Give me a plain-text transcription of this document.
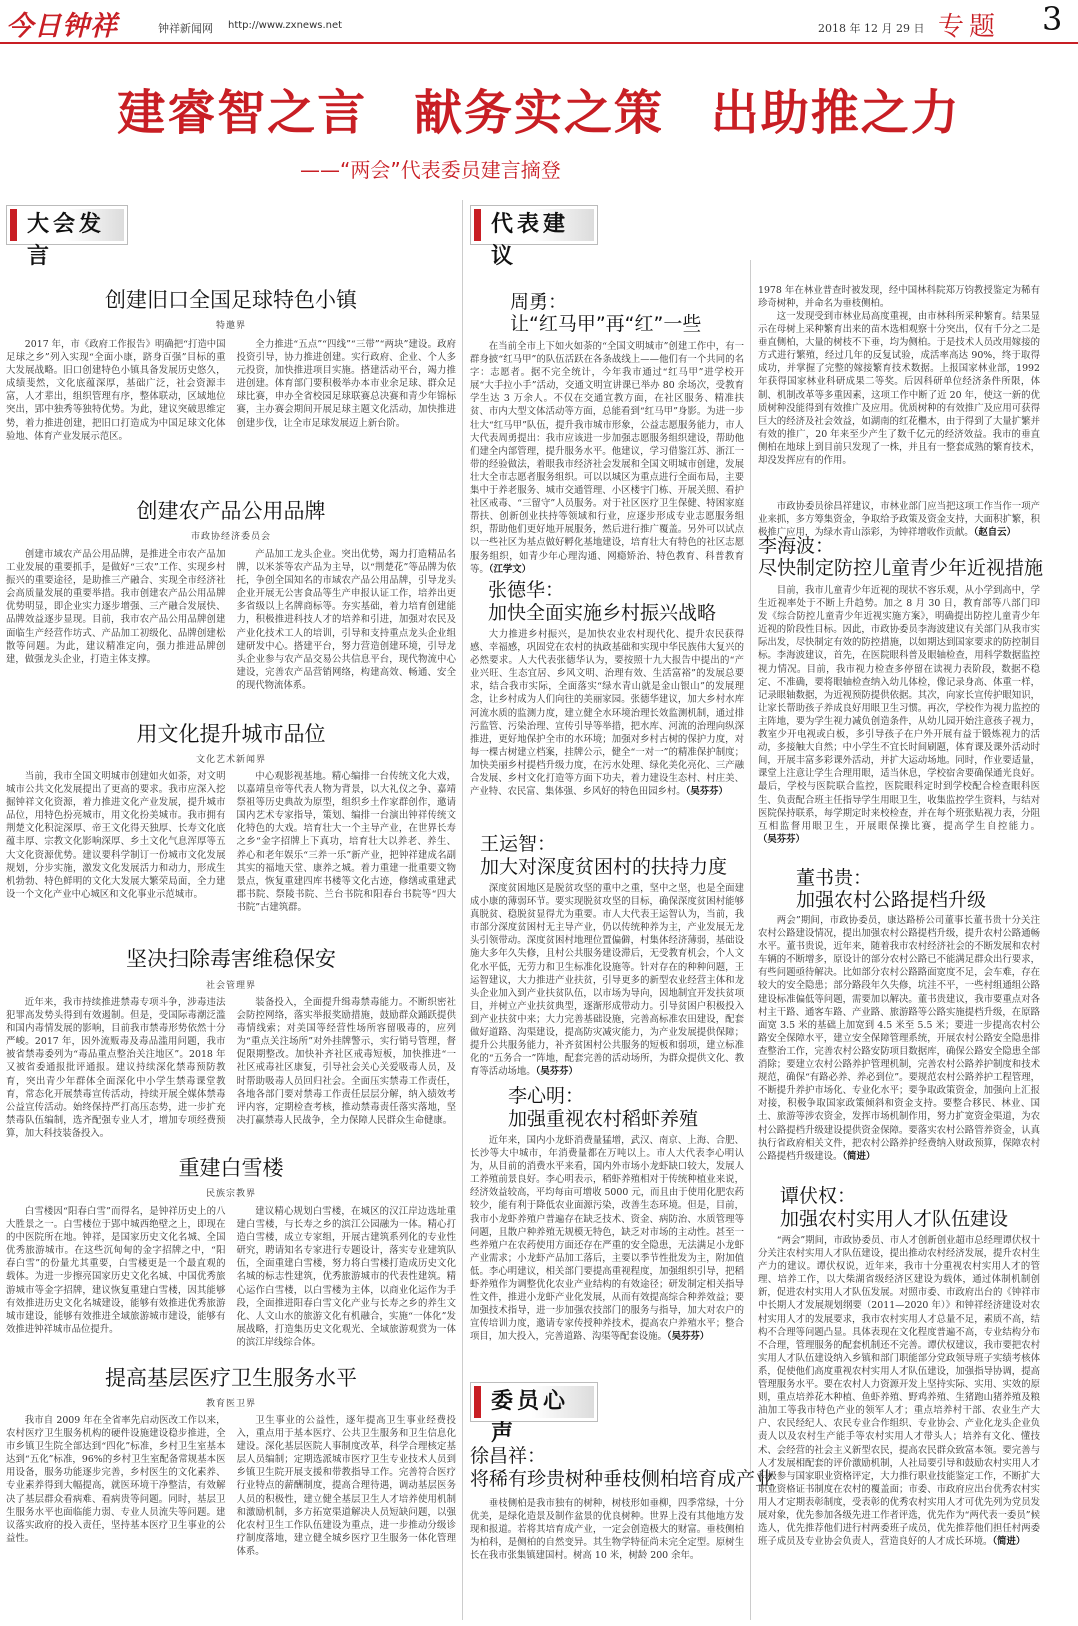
今日钟祥	钟祥新闻网 http://www.zxnews.net	2018 年 12 月 29 日 专题 3
建睿智之言 献务实之策 出助推之力
——“两会”代表委员建言摘登
大会发言
代表建议
委员心声
创建旧口全国足球特色小镇
特邀界
2017 年，市《政府工作报告》明确把“打造中国足球之乡”列入实现“全面小康，跻身百强”目标的重大发展战略。旧口创建特色小镇具备发展历史悠久，成绩斐然，文化底蕴深厚，基础广泛，社会资源丰富，人才辈出，组织管理有序，整体联动，区域地位突出，郢中独秀等独特优势。为此，建议突破思维定势，着力推进创建，把旧口打造成为中国足球文化体验地、体育产业发展示范区。
全力推进“五点”“四线”“三带”“两块”建设。政府投资引导，协力推进创建。实行政府、企业、个人多元投资，加快推进项目实施。搭建活动平台，竭力推进创建。体育部门要积极举办本市业余足球、群众足球比赛，申办全省校园足球联赛总决赛和青少年锦标赛，主办赛会期间开展足球主题文化活动，加快推进创建步伐，让全市足球发展迈上新台阶。
创建农产品公用品牌
市政协经济委员会
创建市域农产品公用品牌，是推进全市农产品加工业发展的重要抓手，是做好“三农”工作、实现乡村振兴的重要途径，是助推三产融合、实现全市经济社会高质量发展的重要举措。我市创建农产品公用品牌优势明显，即企业实力逐步增强、三产融合发展快、品牌效益逐步显现。目前，我市农产品公用品牌创建面临生产经营作坊式、产品加工初级化、品牌创建松散等问题。为此，建议精准定向，强力推进品牌创建，做强龙头企业，打造主体支撑。
产品加工龙头企业。突出优势，竭力打造精品名牌，以米茶等农产品为主导，以“荆楚花”等品牌为依托，争创全国知名的市域农产品公用品牌，引导龙头企业开展无公害食品等生产申报认证工作，培养出更多省级以上名牌商标等。夯实基础，着力培育创建能力，积极推进科技人才的培养和引进，加强对农民及产业化技术工人的培训，引导和支持重点龙头企业组建研发中心。搭建平台，努力营造创建环境，引导龙头企业参与农产品交易公共信息平台，现代物流中心建设，完善农产品营销网络，构建高效、畅通、安全的现代物流体系。
用文化提升城市品位
文化艺术新闻界
当前，我市全国文明城市创建如火如荼，对文明城市公共文化发展提出了更高的要求。我市应深入挖掘钟祥文化资源，着力推进文化产业发展，提升城市品位，用特色扮亮城市，用文化扮美城市。我市拥有荆楚文化积淀深厚、帝王文化得天独厚、长寿文化底蕴丰厚、宗教文化影响深厚、乡土文化气息浑厚等五大文化资源优势。建议要科学制订一份城市文化发展规划，分步实施，激发文化发展活力和动力，形成生机勃勃、特色鲜明的文化大发展大繁荣局面，全力建设一个文化产业中心城区和文化事业示范城市。
中心观影视基地。精心编排一台传统文化大戏，以嘉靖皇帝等代表人物为背景，以大礼仪之争、嘉靖祭祖等历史典故为原型，组织乡土作家群创作，邀请国内艺术专家指导，策划、编排一台演出钟祥传统文化特色的大戏。培育壮大一个主导产业，在世界长寿之乡“金字招牌上下真功，培育壮大以养老、养生、养心和老年娱乐“三养一乐”新产业，把钟祥建成名副其实的福地天堂、康养之城。着力重建一批重要文物景点，恢复重建四库书楼等文化古迹，修缮或重建武郡书院、祭陵书院、兰台书院和阳春台书院等“四大书院”古建筑群。
坚决扫除毒害维稳保安
社会管理界
近年来，我市持续推进禁毒专项斗争，涉毒违法犯罪高发势头得到有效遏制。但是，受国际毒潮泛滥和国内毒情发展的影响，目前我市禁毒形势依然十分严峻。2017 年，因外流贩毒及毒品滥用问题，我市被省禁毒委列为“毒品重点整治关注地区”。2018 年又被省委通报批评通报。建议持续深化禁毒预防教育，突出青少年群体全面深化中小学生禁毒课堂教育，常态化开展禁毒宣传活动，持续开展全媒体禁毒公益宣传活动。始终保持严打高压态势，进一步扩充禁毒队伍编制，选齐配强专业人才，增加专项经费预算，加大科技装备投入。
装备投入，全面提升缉毒禁毒能力。不断织密社会防控网络，落实举报奖励措施，鼓励群众踊跃提供毒情线索；对美国等经营性场所容留吸毒的，应列为“重点关注场所”对外挂牌警示，实行销号管理，督促限期整改。加快补齐社区戒毒短板，加快推进“一社区戒毒社区康复，引导社会关心关爱吸毒人员，及时帮助吸毒人员回归社会。全面压实禁毒工作责任，各地各部门要对禁毒工作责任层层分解，纳入绩效考评内容，定期检查考核，推动禁毒责任落实落地，坚决打赢禁毒人民战争，全力保障人民群众生命健康。
重建白雪楼
民族宗教界
白雪楼因“阳春白雪”而得名，是钟祥历史上的八大胜景之一。白雪楼位于郢中城西绝壁之上，即现在的中医院所在地。钟祥，是国家历史文化名城、全国优秀旅游城市。在这些沉甸甸的金字招牌之中，“阳春白雪”的份量尤其重要，白雪楼更是一个最直观的载体。为进一步擦亮国家历史文化名城、中国优秀旅游城市等金字招牌，建议恢复重建白雪楼，因其能够有效推进历史文化名城建设，能够有效推进优秀旅游城市建设，能够有效推进全域旅游城市建设，能够有效推进钟祥城市品位提升。
建议精心规划白雪楼，在城区的汉江岸边选址重建白雪楼，与长寿之乡的滨江公园融为一体。精心打造白雪楼，成立专家组，开展古建筑系列化的专业性研究，聘请知名专家进行专题设计，落实专业建筑队伍，全面重建白雪楼，努力将白雪楼打造成历史文化名城的标志性建筑，优秀旅游城市的代表性建筑。精心运作白雪楼，以白雪楼为主体，以商业化运作为手段，全面推进阳春白雪文化产业与长寿之乡的养生文化、人文山水的旅游文化有机融合，实施“一体化”发展战略，打造集历史文化观光、全域旅游观赏为一体的滨江岸线综合体。
提高基层医疗卫生服务水平
教育医卫界
我市自 2009 年在全省率先启动医改工作以来，农村医疗卫生服务机构的硬件设施建设稳步推进，全市乡镇卫生院全部达到“四化”标准，乡村卫生室基本达到“五化”标准，96%的乡村卫生室配备常规基本医用设备，服务功能逐步完善，乡村医生的文化素养、专业素养得到大幅提高，就医环境干净整洁，有效解决了基层群众看病难、看病贵等问题。同时，基层卫生服务水平也面临能力弱、专业人员流失等问题。建议落实政府的投入责任，坚持基本医疗卫生事业的公益性。
卫生事业的公益性，逐年提高卫生事业经费投入，重点用于基本医疗、公共卫生服务和卫生信息化建设。深化基层医院人事制度改革，科学合理核定基层人员编制；定期选派城市医疗卫生专业技术人员到乡镇卫生院开展支援和带教指导工作。完善符合医疗行业特点的薪酬制度，提高合理待遇，调动基层医务人员的积极性，建立健全基层卫生人才培养使用机制和激励机制，多方拓宽渠道解决人员短缺问题，以强化农村卫生工作队伍建设为重点，进一步推动分级诊疗制度落地，建立健全城乡医疗卫生服务一体化管理体系。
周勇：
让“红马甲”再“红”一些
在当前全市上下如火如荼的“全国文明城市”创建工作中，有一群身披“红马甲”的队伍活跃在各条战线上——他们有一个共同的名字：志愿者。据不完全统计，今年我市通过“红马甲”进学校开展“大手拉小手”活动，交通文明宣讲课已举办 80 余场次，受教育学生达 3 万余人。不仅在交通宣教方面，在社区服务、精准扶贫、市内大型文体活动等方面，总能看到“红马甲”身影。为进一步壮大“红马甲”队伍，提升我市城市形象，公益志愿服务能力，市人大代表周勇提出：我市应该进一步加强志愿服务组织建设，帮助他们建全内部管理，提升服务水平。他建议，学习借鉴江苏、浙江一带的经验做法，着眼我市经济社会发展和全国文明城市创建，发展壮大全市志愿者服务组织。可以以城区为重点进行全面布局，主要集中于养老服务、城市交通管理、小区楼宇门栋、开展关照、看护社区戒毒、“三留守”人员服务。对于社区医疗卫生保健、特困家庭帮扶、创新创业扶持等领域和行业，应逐步形成专业志愿服务组织，帮助他们更好地开展服务，然后进行推广覆盖。另外可以试点以一些社区为基点做好孵化基地建设，培育壮大有特色的社区志愿服务组织，如青少年心理沟通、网瘾矫治、特色教育、科普教育等。（江学文）
张德华：
加快全面实施乡村振兴战略
大力推进乡村振兴，是加快农业农村现代化、提升农民获得感、幸福感，巩固党在农村的执政基础和实现中华民族伟大复兴的必然要求。人大代表张德华认为，要按照十九大报告中提出的“产业兴旺、生态宜居、乡风文明、治理有效、生活富裕”的发展总要求，结合我市实际，全面落实“绿水青山就是金山银山”的发展理念，让乡村成为人们向往的美丽家园。张德华建议，加大乡村水库河流水质的监测力度，建立健全水环境治理长效监测机制，通过排污监管、污染治理、宣传引导等举措，把水库、河流的治理向纵深推进，更好地保护全市的水环境；加强对乡村古树的保护力度，对每一棵古树建立档案，挂牌公示，健全“一对一”的精准保护制度；加快美丽乡村提档升级力度，在污水处理、绿化美化亮化、三产融合发展、乡村文化打造等方面下功夫，着力建设生态村、村庄美、产业特、农民富、集体强、乡风好的特色田园乡村。（吴芬芬）
王运智：
加大对深度贫困村的扶持力度
深度贫困地区是脱贫攻坚的重中之重，坚中之坚，也是全面建成小康的薄弱环节。要实现脱贫攻坚的目标，确保深度贫困村能够真脱贫、稳脱贫显得尤为重要。市人大代表王运智认为，当前，我市部分深度贫困村无主导产业，仍以传统种养为主，产业发展无龙头引领带动。深度贫困村地理位置偏僻，村集体经济薄弱，基础设施大多年久失修，且村公共服务建设滞后，无受教育机会，个人文化水平低，无劳力和卫生标准化设施等。针对存在的种种问题，王运智建议，大力推进产业扶贫，引导更多的新型农业经营主体和龙头企业加入到产业扶贫队伍，以市场为导向，因地制宜开发扶贫项目，并树立产业扶贫典型，逐渐形成带动力。引导贫困户积极投入到产业扶贫中来；大力完善基础设施，完善高标准农田建设，配套做好道路、沟渠建设，提高防灾减灾能力，为产业发展提供保障；提升公共服务能力，补齐贫困村公共服务的短板和弱项，建立标准化的“五务合一”阵地，配套完善的活动场所，为群众提供文化、教育等活动场地。（吴芬芬）
李心明：
加强重视农村稻虾养殖
近年来，国内小龙虾消费量猛增，武汉、南京、上海、合肥、长沙等大中城市，年消费量都在万吨以上。市人大代表李心明认为，从目前的消费水平来看，国内外市场小龙虾缺口较大，发展人工养殖前景良好。李心明表示，稻虾养殖相对于传统种植业来说，经济效益较高，平均每亩可增收 5000 元，而且由于使用化肥农药较少，能有利于降低农业面源污染，改善生态环境。但是，目前，我市小龙虾养殖户普遍存在缺乏技术、资金、病防治、水质管理等问题，且散户种养殖无规模无特色，缺乏对市场的主动性。甚至一些养殖户在农药使用方面还存在严重的安全隐患，无法满足小龙虾产业需求；小龙虾产品加工落后，主要以季节性批发为主，附加值低。李心明建议，相关部门要提高重视程度，加强组织引导，把稻虾养殖作为调整优化农业产业结构的有效途径；研发制定相关指导性文件，推进小龙虾产业化发展，从而有效提高综合种养效益；要加强技术指导，进一步加强农技部门的服务与指导，加大对农户的宣传培训力度，邀请专家传授种养技术，提高农户养殖水平；整合项目，加大投入，完善道路、沟渠等配套设施。（吴芬芬）
徐昌祥：
将稀有珍贵树种垂枝侧柏培育成产业
垂枝侧柏是我市独有的树种，树枝形如垂柳，四季常绿，十分优美，是绿化造景及制作盆景的优良树种。世界上没有其他地方发现和报道。若将其培育成产业，一定会创造极大的财富。垂枝侧柏为柏科，是侧柏的自然变异。其生物学特征尚未完全定型。原树生长在我市张集镇建国村。树高 10 米，树龄 200 余年。
1978 年在林业普查时被发现，经中国林科院郑万钧教授鉴定为稀有珍奇树种，并命名为垂枝侧柏。
这一发现受到市林业局高度重视，由市林科所采种繁育。结果显示在母树上采种繁育出来的苗木选相观察十分突出，仅有千分之二是垂直侧柏，大量的树枝不下垂，均为侧柏。于是技术人员改用嫁接的方式进行繁殖，经过几年的反复试验，成活率高达 90%，终于取得成功，并掌握了完整的嫁接繁育技术数据。上报国家林业部，1992 年获得国家林业科研成果二等奖。后因科研单位经济条件所限，体制、机制改革等多重因素，这项工作中断了近 20 年，使这一新的优质树种没能得到有效推广及应用。优质树种的有效推广及应用可获得巨大的经济及社会效益，如湖南的红花檵木，由于得到了大量扩繁并有效的推广，20 年来至少产生了数千亿元的经济效益。我市的垂直侧柏在地球上到目前只发现了一株，并且有一整套成熟的繁育技术，却没发挥应有的作用。
市政协委员徐昌祥建议，市林业部门应当把这项工作当作一项产业来抓，多方筹集资金，争取给予政策及资金支持，大面积扩繁，积极推广应用，为绿水青山添彩，为钟祥增收作贡献。（赵自云）
李海波：
尽快制定防控儿童青少年近视措施
目前，我市儿童青少年近视的现状不容乐观，从小学到高中，学生近视率处于不断上升趋势。加之 8 月 30 日，教育部等八部门印发《综合防控儿童青少年近视实施方案》，明确提出防控儿童青少年近视的阶段性目标。因此，市政协委员李海波建议有关部门从我市实际出发，尽快制定有效的防控措施，以如期达到国家要求的防控制目标。李海波建议，首先，在医院眼科普及眼轴检查，用科学数据监控视力情况。目前，我市视力检查多停留在读视力表阶段，数据不稳定、不准确，要将眼轴检查纳入幼儿体检，像记录身高、体重一样，记录眼轴数据，为近视预防提供依据。其次，向家长宣传护眼知识，让家长帮助孩子养成良好用眼卫生习惯。再次，学校作为视力监控的主阵地，要为学生视力减负创造条件，从幼儿园开始注意孩子视力，教室少开电视或白板，多引导孩子在户外开展有益于锻炼视力的活动，多接触大自然；中小学生不宜长时间刷题，体育课及课外活动时间，开展丰富多彩课外活动，并扩大运动场地。同时，作业要适量，课堂上注意让学生合理用眼，适当休息，学校宿舍要确保通光良好。最后，学校与医院联合监控，医院眼科定时到学校配合检查眼科医生、负责配合班主任指导学生用眼卫生，收集监控学生资料，与结对医院保持联系，每学期定时来校检查，并在每个班张贴视力表，分阻互相监督用眼卫生，开展眼保操比赛，提高学生自控能力。（吴芬芬）
董书贵：
加强农村公路提档升级
两会”期间，市政协委员，康达路桥公司董事长董书贵十分关注农村公路建设情况，提出加强农村公路提档升级，提升农村公路通畅水平。董书贵说，近年来，随着我市农村经济社会的不断发展和农村车辆的不断增多，原设计的部分农村公路已不能满足群众出行要求，有些问题亟待解决。比如部分农村公路路面宽度不足，会车难，存在较大的安全隐患；部分路段年久失修，坑洼不平，一些村组通组公路建设标准偏低等问题，需要加以解决。董书贵建议，我市要重点对各村主干路、通客车路、产业路、旅游路等公路实施提档升级，在原路面宽 3.5 米的基础上加宽到 4.5 米至 5.5 米；要进一步提高农村公路安全保障水平，建立安全保障管理系统，开展农村公路安全隐患排查整治工作，完善农村公路安防项目数据库，确保公路安全隐患全部消除；要建立农村公路养护管理机制，完善农村公路养护制度和技术规范，确保“有路必养、养必到位”。要规范农村公路养护工程管理，不断提升养护市场化、专业化水平；要争取政策资金，加强向上汇报对接，积极争取国家政策倾斜和资金支持。要整合移民、林业、国土、旅游等涉农资金，发挥市场机制作用，努力扩宽资金渠道，为农村公路提档升级建设提供资金保障。要落实农村公路管养资金，认真执行省政府相关文件，把农村公路养护经费纳入财政预算，保障农村公路提档升级建设。（简进）
谭伏权：
加强农村实用人才队伍建设
“两会”期间，市政协委员、市人才创新创业超市总经理谭伏权十分关注农村实用人才队伍建设，提出推动农村经济发展，提升农村生产力的建议。谭伏权说，近年来，我市十分重视农村实用人才的管理、培养工作，以大柴湖省级经济区建设为载体，通过体制机制创新，促进农村实用人才队伍发展。对照市委、市政府出台的《钟祥市中长期人才发展规划纲要（2011—2020 年）》和钟祥经济建设对农村实用人才的发展要求，我市农村实用人才总量不足，素质不高，结构不合理等问题凸显。具体表现在文化程度普遍不高，专业结构分布不合理，管理服务的配套机制还不完善。谭伏权建议，我市要把农村实用人才队伍建设纳入乡镇和部门职能部分党政领导班子实绩考核体系，促使他们高度重视农村实用人才队伍建设，加强指导协调，提高管理服务水平。要在农村人力资源开发上坚持实际、实用、实效的原则，重点培养花木种植、鱼虾养殖、野鸡养殖、生猪跑山猪养殖及粮油加工等我市特色产业的领军人才；重点培养村干部、农业生产大户、农民经纪人、农民专业合作组织、专业协会、产业化龙头企业负责人以及农村生产能手等农村实用人才带头人；培养有文化、懂技术、会经营的社会主义新型农民，提高农民群众致富本领。要完善与人才发展相配套的评价激励机制，人社局要引导和鼓励农村实用人才积极参与国家职业资格评定，大力推行职业技能鉴定工作，不断扩大职业资格证书制度在农村的覆盖面；市委、市政府应出台优秀农村实用人才定期表彰制度，受表彰的优秀农村实用人才可优先列为党员发展对象，优先参加各级先进工作者评选，优先作为“两代表一委员”候选人，优先推荐他们进行村两委班子成员，优先推荐他们担任村两委班子成员及专业协会负责人，营造良好的人才成长环境。（简进）
